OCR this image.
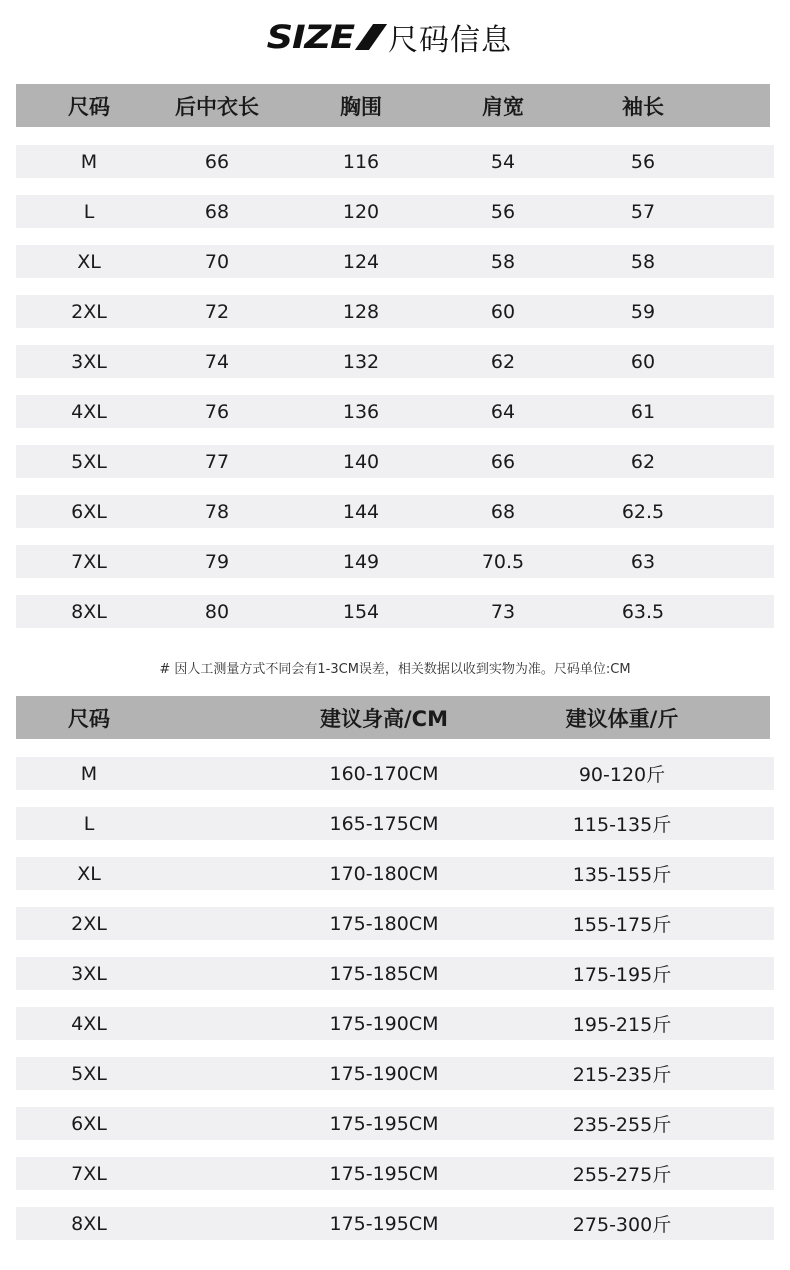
SIZE 尺码信息
尺码	后中衣长	胸围	肩宽	袖长
M	66	116	54	56
L	68	120	56	57
XL	70	124	58	58
2XL	72	128	60	59
3XL	74	132	62	60
4XL	76	136	64	61
5XL	77	140	66	62
6XL	78	144	68	62.5
7XL	79	149	70.5	63
8XL	80	154	73	63.5
# 因人工测量方式不同会有1-3CM误差，相关数据以收到实物为准。尺码单位:CM
尺码	建议身高/CM	建议体重/斤
M	160-170CM	90-120斤
L	165-175CM	115-135斤
XL	170-180CM	135-155斤
2XL	175-180CM	155-175斤
3XL	175-185CM	175-195斤
4XL	175-190CM	195-215斤
5XL	175-190CM	215-235斤
6XL	175-195CM	235-255斤
7XL	175-195CM	255-275斤
8XL	175-195CM	275-300斤
